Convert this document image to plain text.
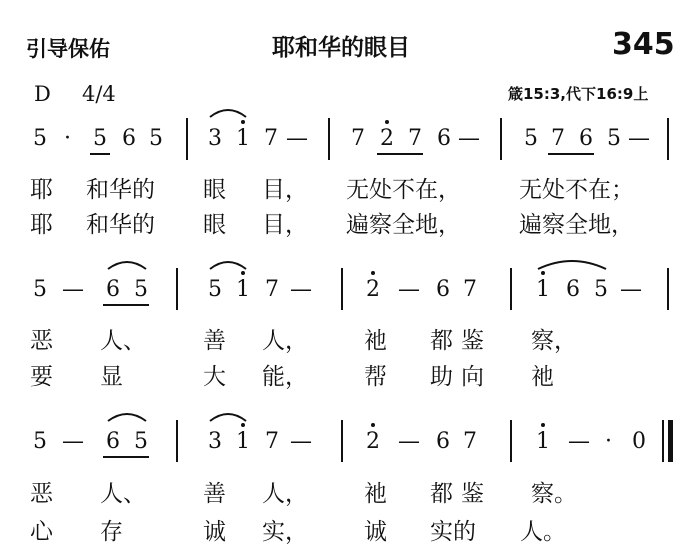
引导保佑	耶和华的眼目	345
D 4/4	箴15:3,代下16:9上
5 · 5 6 5 3 1 7 — 7 2 7 6 — 5 7 6 5 —
耶 和华的 眼 目， 无处不在，	无处不在；
耶 和华的 眼 目， 遍察全地，	遍察全地，
5 — 6 5	5 1 7 — 2 — 6 7	1 6 5 —
恶 人、 善 人， 祂 都 鉴 察，
要 显	大 能， 帮 助 向 祂
5 — 6 5	3 1 7 — 2 — 6 7	1 — · 0
恶 人、 善 人， 祂 都 鉴 察。
心 存	诚 实， 诚 实的 人。
